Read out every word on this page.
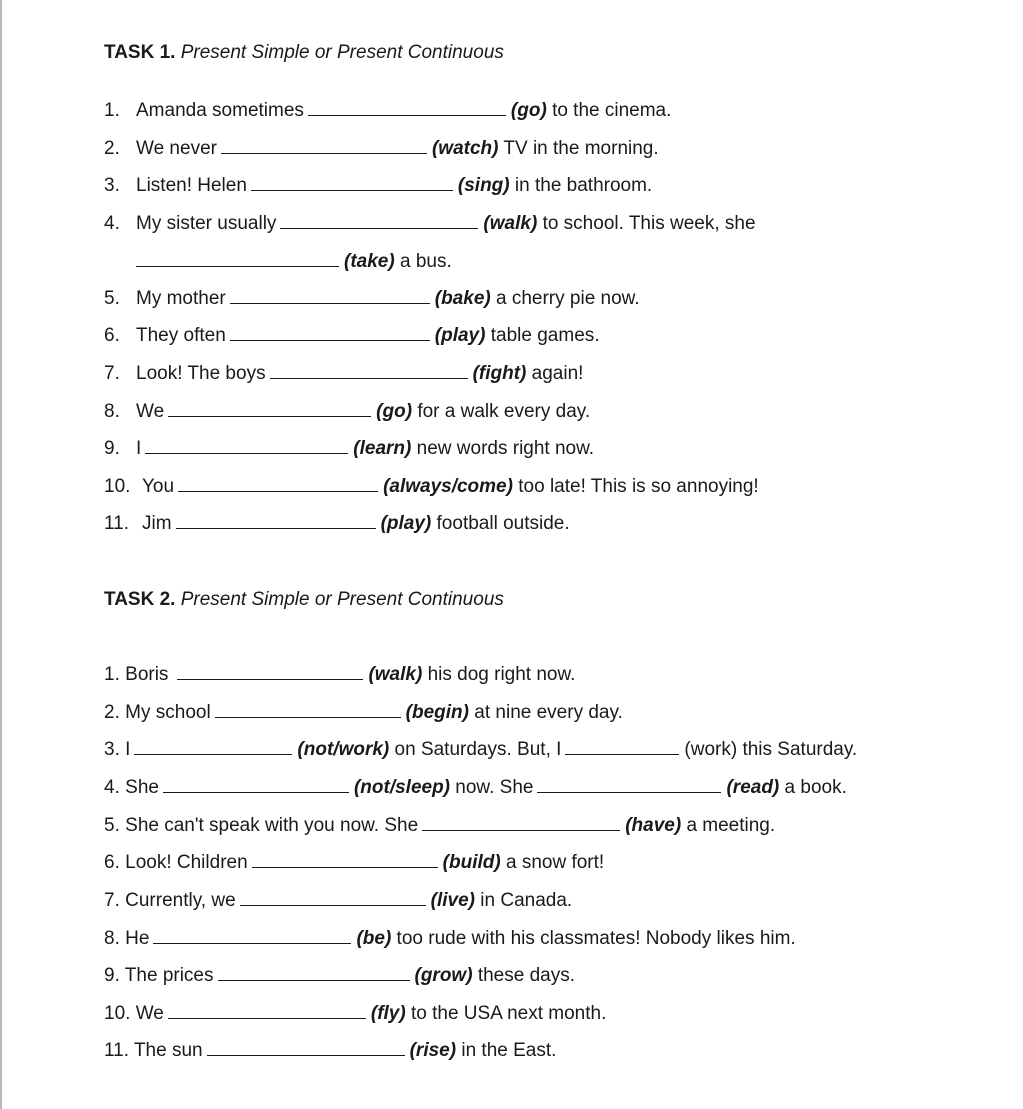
TASK 1. Present Simple or Present Continuous
1. Amanda sometimes	(go) to the cinema.
2. We never	(watch) TV in the morning.
3. Listen! Helen	(sing) in the bathroom.
4. My sister usually	(walk) to school. This week, she
(take) a bus.
5. My mother	(bake) a cherry pie now.
6. They often	(play) table games.
7. Look! The boys	(fight) again!
8. We	(go) for a walk every day.
9. I	(learn) new words right now.
10. You	(always/come) too late! This is so annoying!
11. Jim	(play) football outside.
TASK 2. Present Simple or Present Continuous
1. Boris	(walk) his dog right now.
2. My school	(begin) at nine every day.
3. I	(not/work) on Saturdays. But, I	(work) this Saturday.
4. She	(not/sleep) now. She	(read) a book.
5. She can't speak with you now. She	(have) a meeting.
6. Look! Children	(build) a snow fort!
7. Currently, we	(live) in Canada.
8. He	(be) too rude with his classmates! Nobody likes him.
9. The prices	(grow) these days.
10. We	(fly) to the USA next month.
11. The sun	(rise) in the East.
